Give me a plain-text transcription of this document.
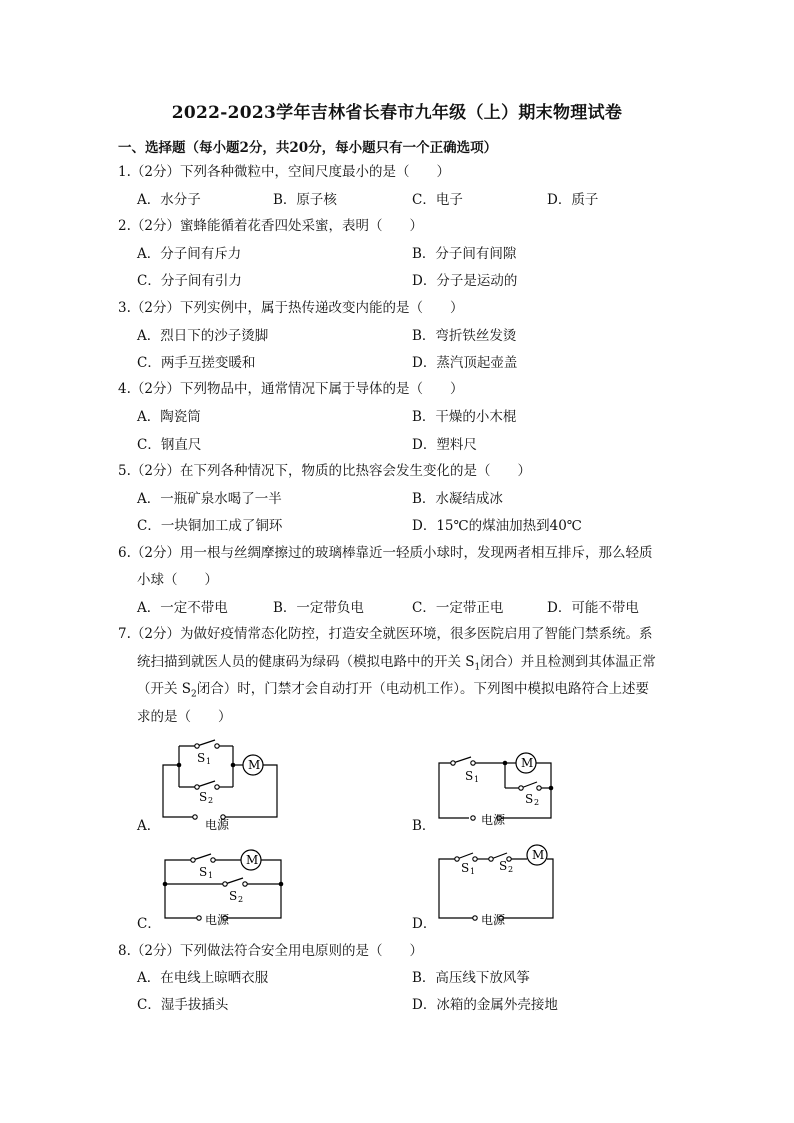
2022-2023学年吉林省长春市九年级（上）期末物理试卷
一、选择题（每小题2分，共20分，每小题只有一个正确选项）
1.（2分）下列各种微粒中，空间尺度最小的是（　　）
A．水分子	B．原子核	C．电子	D．质子
2.（2分）蜜蜂能循着花香四处采蜜，表明（　　）
A．分子间有斥力	B．分子间有间隙
C．分子间有引力	D．分子是运动的
3.（2分）下列实例中，属于热传递改变内能的是（　　）
A．烈日下的沙子烫脚	B．弯折铁丝发烫
C．两手互搓变暖和	D．蒸汽顶起壶盖
4.（2分）下列物品中，通常情况下属于导体的是（　　）
A．陶瓷筒	B．干燥的小木棍
C．钢直尺	D．塑料尺
5.（2分）在下列各种情况下，物质的比热容会发生变化的是（　　）
A．一瓶矿泉水喝了一半	B．水凝结成冰
C．一块铜加工成了铜环	D．15℃的煤油加热到40℃
6.（2分）用一根与丝绸摩擦过的玻璃棒靠近一轻质小球时，发现两者相互排斥，那么轻质
小球（　　）
A．一定不带电	B．一定带负电	C．一定带正电	D．可能不带电
7.（2分）为做好疫情常态化防控，打造安全就医环境，很多医院启用了智能门禁系统。系
统扫描到就医人员的健康码为绿码（模拟电路中的开关 $S_1$闭合）并且检测到其体温正常
（开关 $S_2$闭合）时，门禁才会自动打开（电动机工作）。下列图中模拟电路符合上述要
求的是（　　）
A．	B．
C．	D．
M
S 1
S 2
电源
S 1
M
S 2
电源
M
S 1
S 2
电源
S 1 S 2
M
电源
8.（2分）下列做法符合安全用电原则的是（　　）
A．在电线上晾晒衣服	B．高压线下放风筝
C．湿手拔插头	D．冰箱的金属外壳接地
